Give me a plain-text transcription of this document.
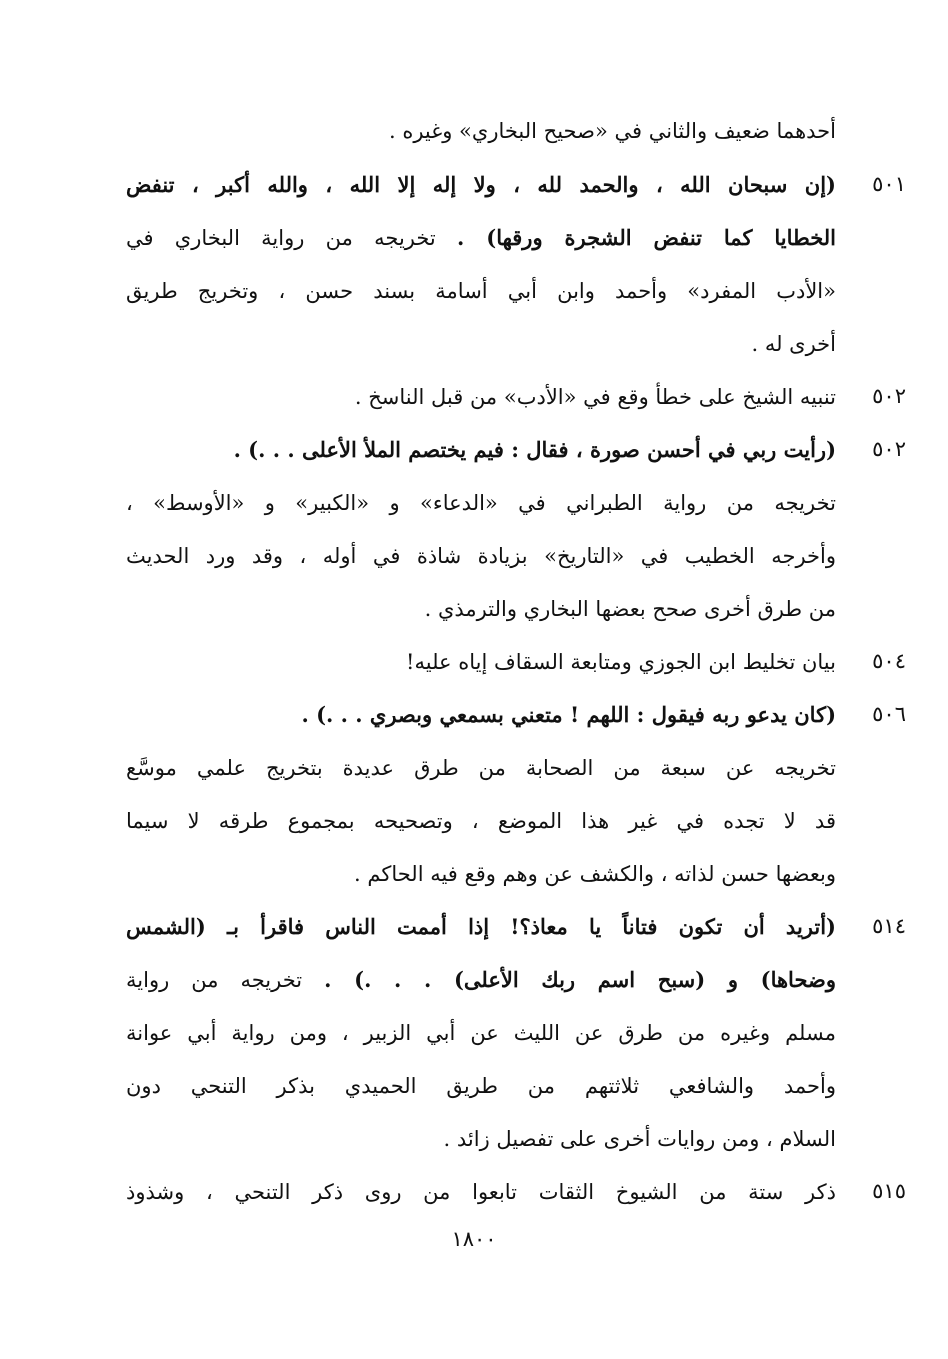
أحدهما ضعيف والثاني في «صحيح البخاري» وغيره .
٥٠١
(إن سبحان الله ، والحمد لله ، ولا إله إلا الله ، والله أكبر ، تنفض
الخطايا كما تنفض الشجرة ورقها) . تخريجه من رواية البخاري في
«الأدب المفرد» وأحمد وابن أبي أسامة بسند حسن ، وتخريج طريق
أخرى له .
٥٠٢
تنبيه الشيخ على خطأ وقع في «الأدب» من قبل الناسخ .
٥٠٢
(رأيت ربي في أحسن صورة ، فقال : فيم يختصم الملأ الأعلى . . .) .
تخريجه من رواية الطبراني في «الدعاء» و «الكبير» و «الأوسط» ،
وأخرجه الخطيب في «التاريخ» بزيادة شاذة في أوله ، وقد ورد الحديث
من طرق أخرى صحح بعضها البخاري والترمذي .
٥٠٤
بيان تخليط ابن الجوزي ومتابعة السقاف إياه عليه!
٥٠٦
(كان يدعو ربه فيقول : اللهم ! متعني بسمعي وبصري . . .) .
تخريجه عن سبعة من الصحابة من طرق عديدة بتخريج علمي موسَّع
قد لا تجده في غير هذا الموضع ، وتصحيحه بمجموع طرقه لا سيما
وبعضها حسن لذاته ، والكشف عن وهم وقع فيه الحاكم .
٥١٤
(أتريد أن تكون فتاناً يا معاذ؟! إذا أممت الناس فاقرأ بـ (الشمس
وضحاها) و (سبح اسم ربك الأعلى) . . .) . تخريجه من رواية
مسلم وغيره من طرق عن الليث عن أبي الزبير ، ومن رواية أبي عوانة
وأحمد والشافعي ثلاثتهم من طريق الحميدي بذكر التنحي دون
السلام ، ومن روايات أخرى على تفصيل زائد .
٥١٥
ذكر ستة من الشيوخ الثقات تابعوا من روى ذكر التنحي ، وشذوذ
١٨٠٠
